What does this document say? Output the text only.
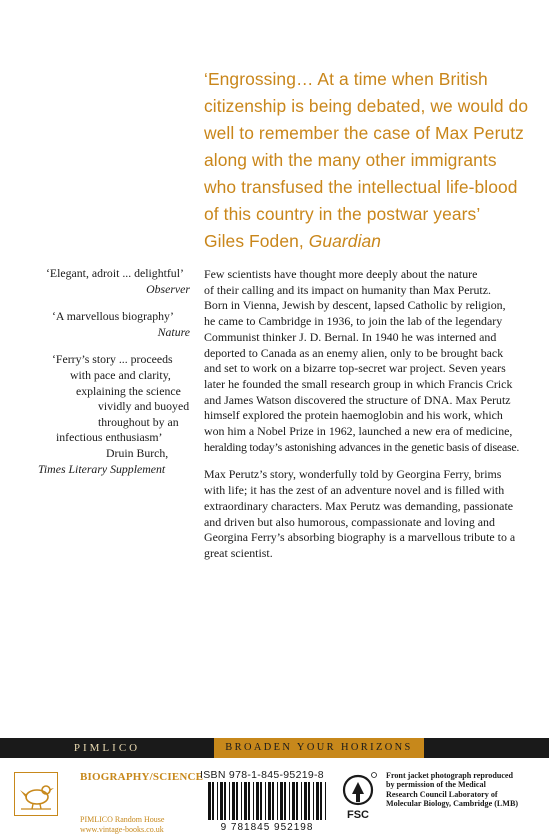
‘Engrossing… At a time when British
citizenship is being debated, we would do
well to remember the case of Max Perutz
along with the many other immigrants
who transfused the intellectual life-blood
of this country in the postwar years’
Giles Foden, Guardian
‘Elegant, adroit ... delightful’
Observer
‘A marvellous biography’
Nature
‘Ferry’s story ... proceeds
with pace and clarity,
explaining the science
vividly and buoyed
throughout by an
infectious enthusiasm’
Druin Burch,
Times Literary Supplement
Few scientists have thought more deeply about the nature
of their calling and its impact on humanity than Max Perutz.
Born in Vienna, Jewish by descent, lapsed Catholic by religion,
he came to Cambridge in 1936, to join the lab of the legendary
Communist thinker J. D. Bernal. In 1940 he was interned and
deported to Canada as an enemy alien, only to be brought back
and set to work on a bizarre top-secret war project. Seven years
later he founded the small research group in which Francis Crick
and James Watson discovered the structure of DNA. Max Perutz
himself explored the protein haemoglobin and his work, which
won him a Nobel Prize in 1962, launched a new era of medicine,
heralding today’s astonishing advances in the genetic basis of disease.
Max Perutz’s story, wonderfully told by Georgina Ferry, brims
with life; it has the zest of an adventure novel and is filled with
extraordinary characters. Max Perutz was demanding, passionate
and driven but also humorous, compassionate and loving and
Georgina Ferry’s absorbing biography is a marvellous tribute to a
great scientist.
PIMLICO	BROADEN YOUR HORIZONS
BIOGRAPHY/SCIENCE
PIMLICO Random House
www.vintage-books.co.uk
ISBN 978-1-845-95219-8
9 781845 952198
FSC
Front jacket photograph reproduced
by permission of the Medical
Research Council Laboratory of
Molecular Biology, Cambridge (LMB)
